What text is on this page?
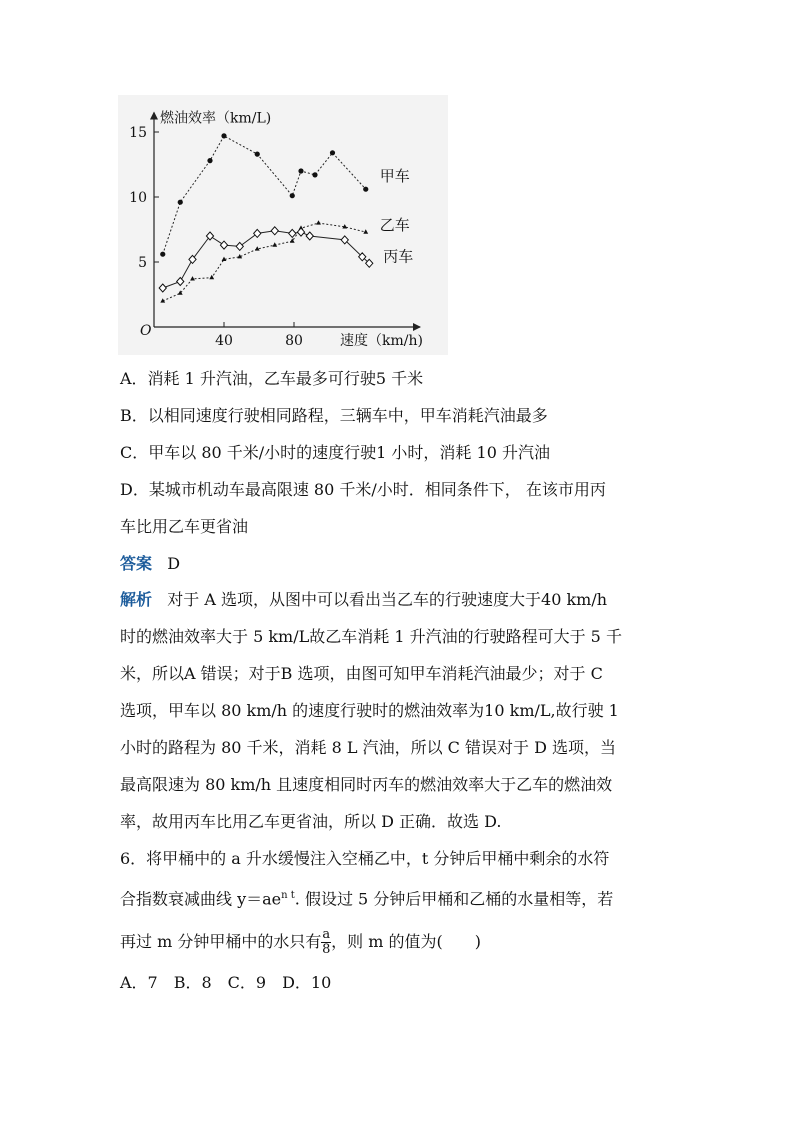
5
10
15
40	80
O
燃油效率（km/L)
速度（km/h)
甲车
乙车
丙车
A．消耗 1 升汽油，乙车最多可行驶5 千米
B．以相同速度行驶相同路程，三辆车中，甲车消耗汽油最多
C．甲车以 80 千米/小时的速度行驶1 小时，消耗 10 升汽油
D．某城市机动车最高限速 80 千米/小时．相同条件下， 在该市用丙
车比用乙车更省油
答案 D
解析 对于 A 选项，从图中可以看出当乙车的行驶速度大于40 km/h
时的燃油效率大于 5 km/L故乙车消耗 1 升汽油的行驶路程可大于 5 千
米，所以A 错误；对于B 选项，由图可知甲车消耗汽油最少；对于 C
选项，甲车以 80 km/h 的速度行驶时的燃油效率为10 km/L,故行驶 1
小时的路程为 80 千米，消耗 8 L 汽油，所以 C 错误对于 D 选项，当
最高限速为 80 km/h 且速度相同时丙车的燃油效率大于乙车的燃油效
率，故用丙车比用乙车更省油，所以 D 正确．故选 D.
6．将甲桶中的 a 升水缓慢注入空桶乙中，t 分钟后甲桶中剩余的水符
合指数衰减曲线 $y=ae^{n t}$. 假设过 5 分钟后甲桶和乙桶的水量相等，若
再过 m 分钟甲桶中的水只有 $\frac{a}{8}$ ，则 m 的值为(　　)
A．7　B．8　C．9　D．10
